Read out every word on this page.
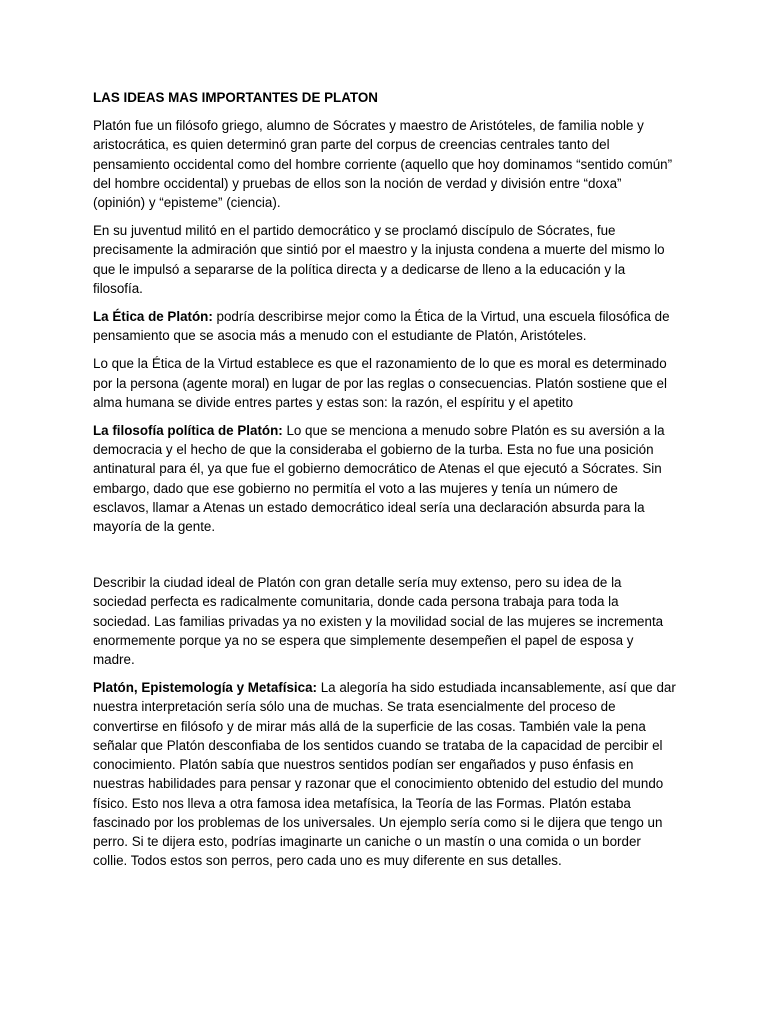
LAS IDEAS MAS IMPORTANTES DE PLATON

Platón fue un filósofo griego, alumno de Sócrates y maestro de Aristóteles, de familia noble y aristocrática, es quien determinó gran parte del corpus de creencias centrales tanto del pensamiento occidental como del hombre corriente (aquello que hoy dominamos “sentido común” del hombre occidental) y pruebas de ellos son la noción de verdad y división entre “doxa” (opinión) y “episteme” (ciencia).

En su juventud militó en el partido democrático y se proclamó discípulo de Sócrates, fue precisamente la admiración que sintió por el maestro y la injusta condena a muerte del mismo lo que le impulsó a separarse de la política directa y a dedicarse de lleno a la educación y la filosofía.

La Ética de Platón: podría describirse mejor como la Ética de la Virtud, una escuela filosófica de pensamiento que se asocia más a menudo con el estudiante de Platón, Aristóteles.

Lo que la Ética de la Virtud establece es que el razonamiento de lo que es moral es determinado por la persona (agente moral) en lugar de por las reglas o consecuencias. Platón sostiene que el alma humana se divide entres partes y estas son: la razón, el espíritu y el apetito

La filosofía política de Platón: Lo que se menciona a menudo sobre Platón es su aversión a la democracia y el hecho de que la consideraba el gobierno de la turba. Esta no fue una posición antinatural para él, ya que fue el gobierno democrático de Atenas el que ejecutó a Sócrates. Sin embargo, dado que ese gobierno no permitía el voto a las mujeres y tenía un número de esclavos, llamar a Atenas un estado democrático ideal sería una declaración absurda para la mayoría de la gente.

Describir la ciudad ideal de Platón con gran detalle sería muy extenso, pero su idea de la sociedad perfecta es radicalmente comunitaria, donde cada persona trabaja para toda la sociedad. Las familias privadas ya no existen y la movilidad social de las mujeres se incrementa enormemente porque ya no se espera que simplemente desempeñen el papel de esposa y madre.

Platón, Epistemología y Metafísica: La alegoría ha sido estudiada incansablemente, así que dar nuestra interpretación sería sólo una de muchas. Se trata esencialmente del proceso de convertirse en filósofo y de mirar más allá de la superficie de las cosas. También vale la pena señalar que Platón desconfiaba de los sentidos cuando se trataba de la capacidad de percibir el conocimiento. Platón sabía que nuestros sentidos podían ser engañados y puso énfasis en nuestras habilidades para pensar y razonar que el conocimiento obtenido del estudio del mundo físico. Esto nos lleva a otra famosa idea metafísica, la Teoría de las Formas. Platón estaba fascinado por los problemas de los universales. Un ejemplo sería como si le dijera que tengo un perro. Si te dijera esto, podrías imaginarte un caniche o un mastín o una comida o un border collie. Todos estos son perros, pero cada uno es muy diferente en sus detalles.
